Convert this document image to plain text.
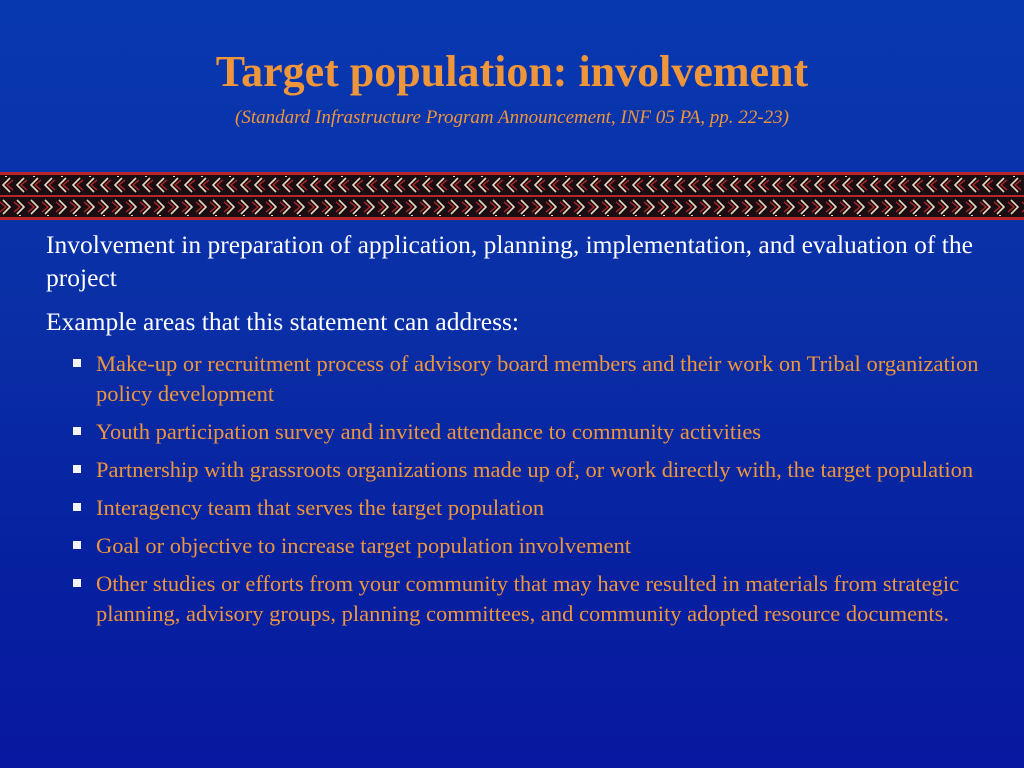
Target population: involvement

(Standard Infrastructure Program Announcement, INF 05 PA, pp. 22-23)

Involvement in preparation of application, planning, implementation, and evaluation of the project

Example areas that this statement can address:

Make-up or recruitment process of advisory board members and their work on Tribal organization policy development
Youth participation survey and invited attendance to community activities
Partnership with grassroots organizations made up of, or work directly with, the target population
Interagency team that serves the target population
Goal or objective to increase target population involvement
Other studies or efforts from your community that may have resulted in materials from strategic planning, advisory groups, planning committees, and community adopted resource documents.
